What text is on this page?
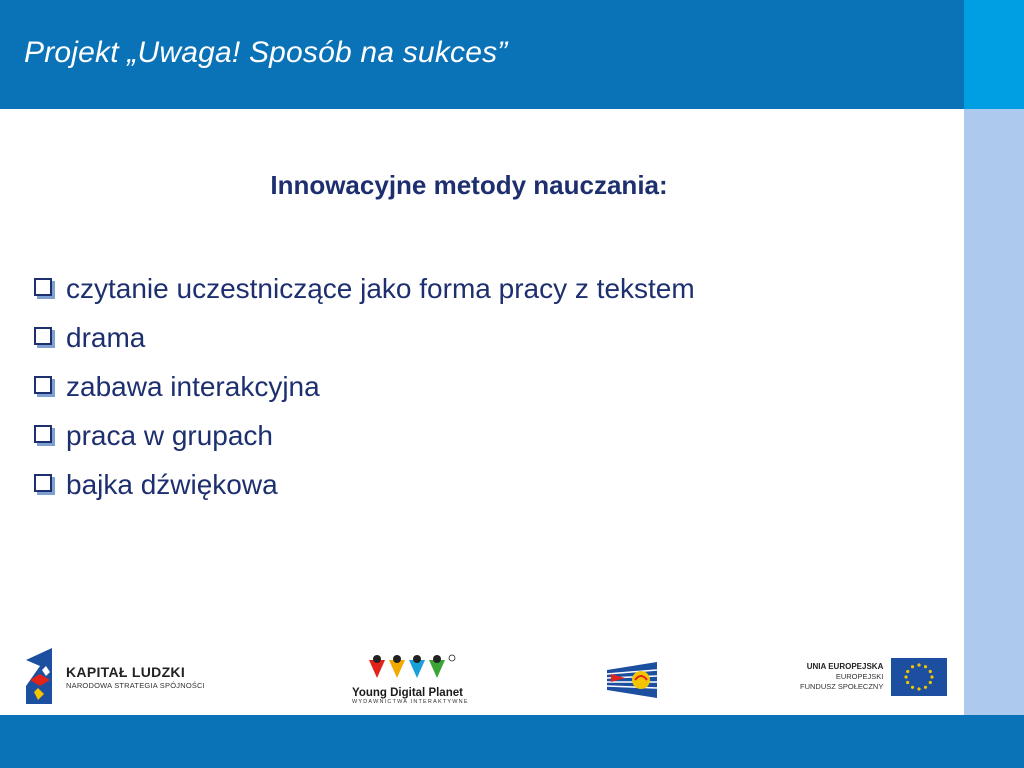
Projekt „Uwaga! Sposób na sukces”
Innowacyjne metody nauczania:
czytanie uczestniczące jako forma pracy z tekstem
drama
zabawa interakcyjna
praca w grupach
bajka dźwiękowa
KAPITAŁ LUDZKI
NARODOWA STRATEGIA SPÓJNOŚCI
Young Digital Planet
WYDAWNICTWA INTERAKTYWNE
UNIA EUROPEJSKA
EUROPEJSKI
FUNDUSZ SPOŁECZNY
